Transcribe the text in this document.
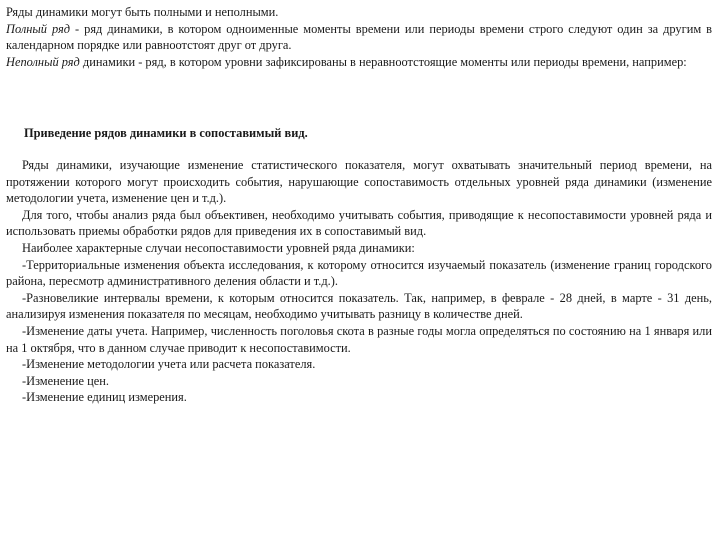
Ряды динамики могут быть полными и неполными.

Полный ряд - ряд динамики, в котором одноименные моменты времени или периоды времени строго следуют один за другим в календарном порядке или равноотстоят друг от друга.

Неполный ряд динамики - ряд, в котором уровни зафиксированы в неравноотстоящие моменты или периоды времени, например:

Приведение рядов динамики в сопоставимый вид.

Ряды динамики, изучающие изменение статистического показателя, могут охватывать значительный период времени, на протяжении которого могут происходить события, нарушающие сопоставимость отдельных уровней ряда динамики (изменение методологии учета, изменение цен и т.д.).

Для того, чтобы анализ ряда был объективен, необходимо учитывать события, приводящие к несопоставимости уровней ряда и использовать приемы обработки рядов для приведения их в сопоставимый вид.

Наиболее характерные случаи несопоставимости уровней ряда динамики:

-Территориальные изменения объекта исследования, к которому относится изучаемый показатель (изменение границ городского района, пересмотр административного деления области и т.д.).

-Разновеликие интервалы времени, к которым относится показатель. Так, например, в феврале - 28 дней, в марте - 31 день, анализируя изменения показателя по месяцам, необходимо учитывать разницу в количестве дней.

-Изменение даты учета. Например, численность поголовья скота в разные годы могла определяться по состоянию на 1 января или на 1 октября, что в данном случае приводит к несопоставимости.

-Изменение методологии учета или расчета показателя.

-Изменение цен.

-Изменение единиц измерения.
